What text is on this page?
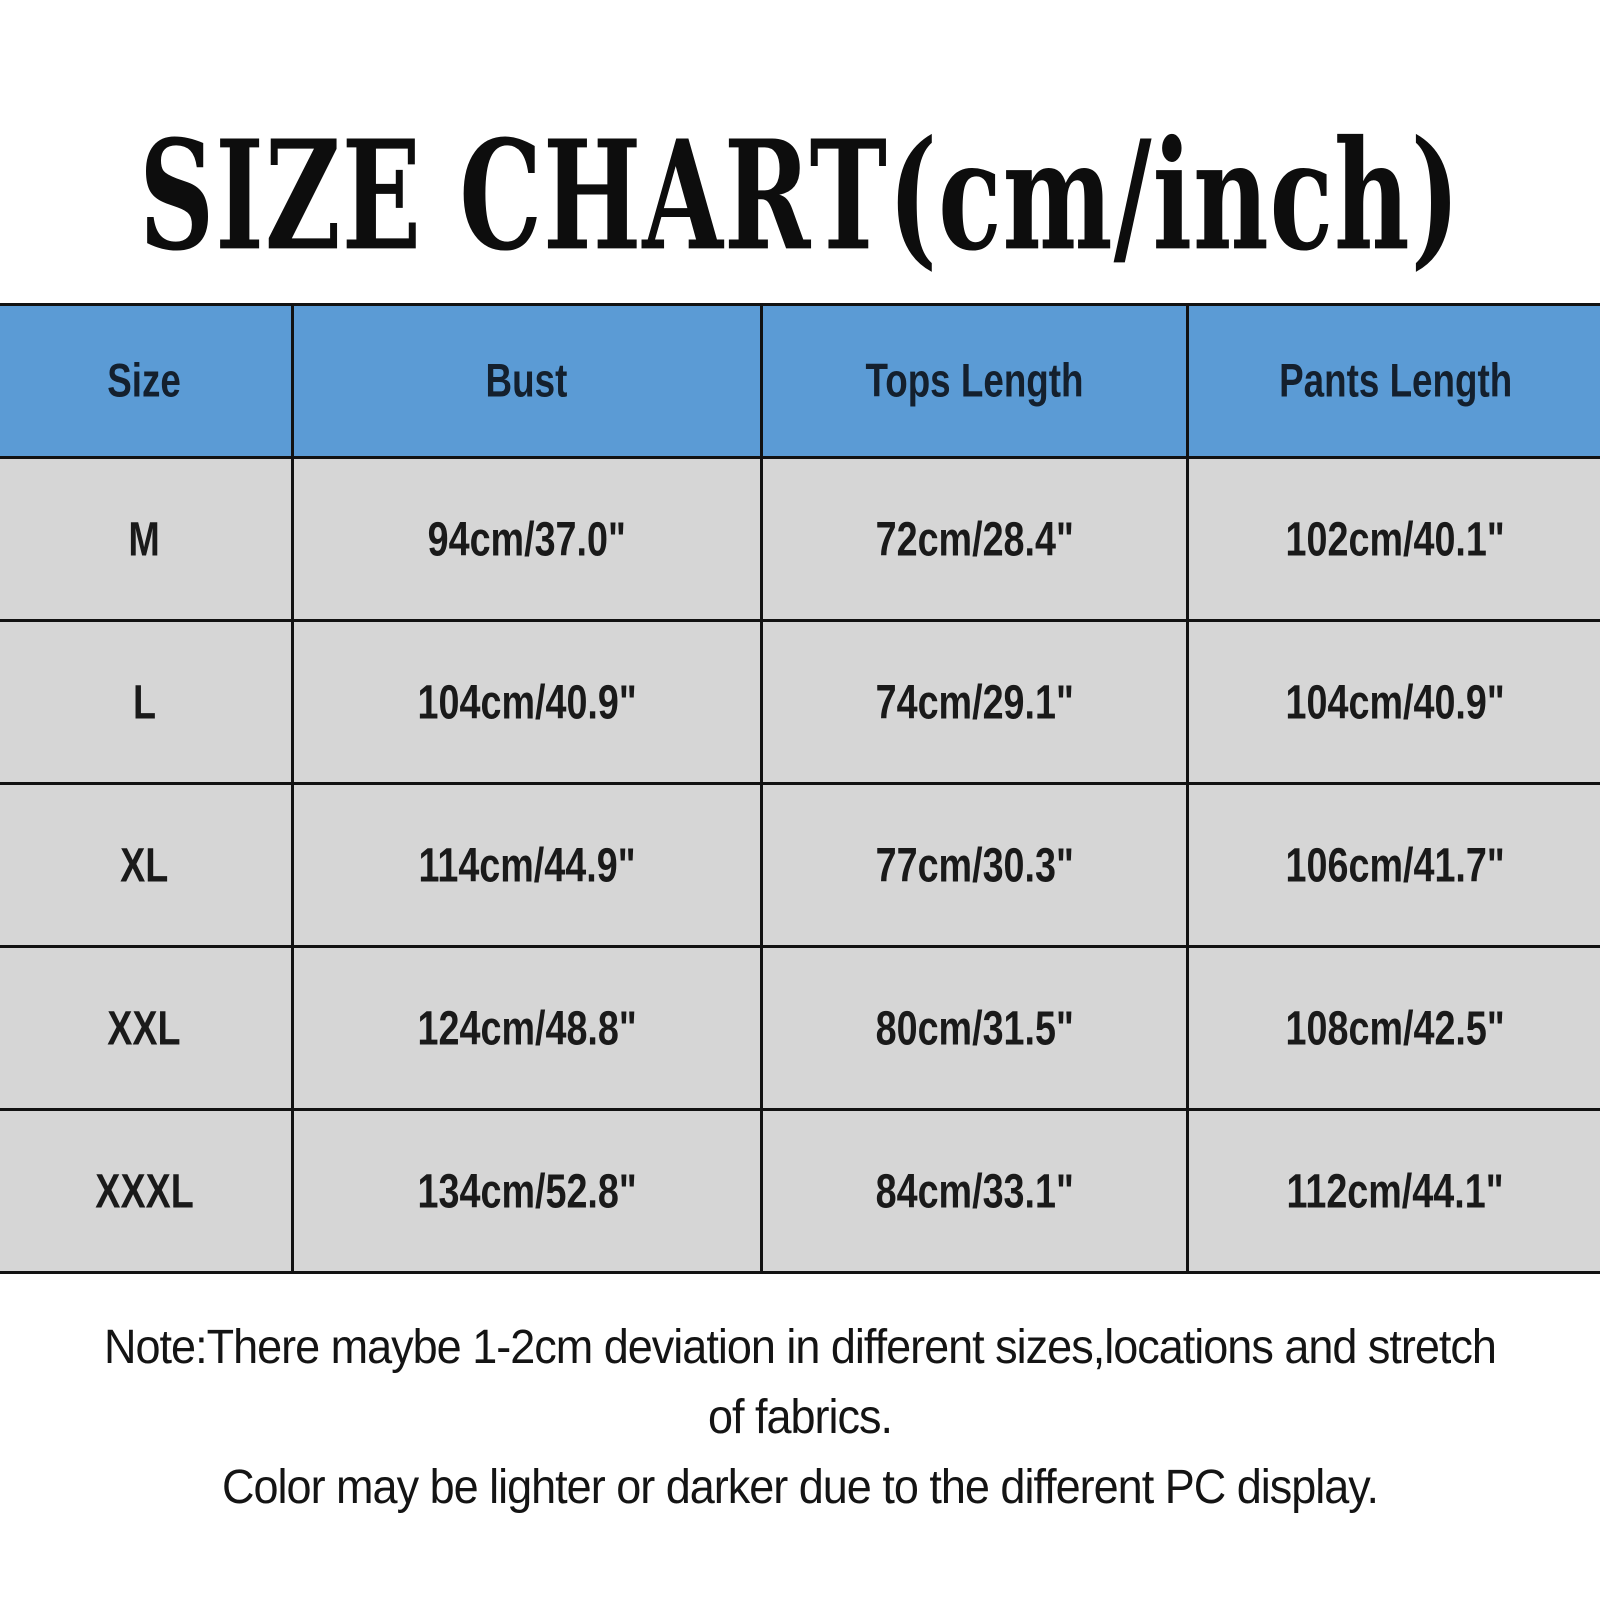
SIZE CHART(cm/inch)
Size	Bust	Tops Length	Pants Length
M	94cm/37.0"	72cm/28.4"	102cm/40.1"
L	104cm/40.9"	74cm/29.1"	104cm/40.9"
XL	114cm/44.9"	77cm/30.3"	106cm/41.7"
XXL	124cm/48.8"	80cm/31.5"	108cm/42.5"
XXXL	134cm/52.8"	84cm/33.1"	112cm/44.1"
Note:There maybe 1-2cm deviation in different sizes,locations and stretch
of fabrics.
Color may be lighter or darker due to the different PC display.
